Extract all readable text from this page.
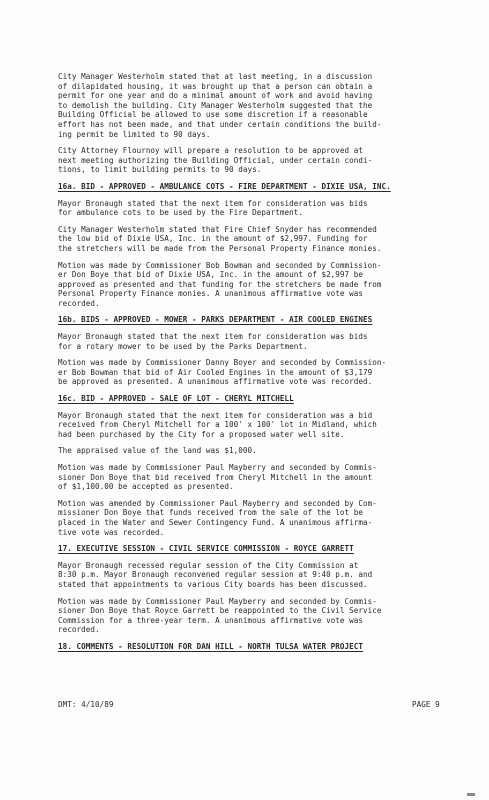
City Manager Westerholm stated that at last meeting, in a discussion
of dilapidated housing, it was brought up that a person can obtain a
permit for one year and do a minimal amount of work and avoid having
to demolish the building. City Manager Westerholm suggested that the
Building Official be allowed to use some discretion if a reasonable
effort has not been made, and that under certain conditions the build-
ing permit be limited to 90 days.

City Attorney Flournoy will prepare a resolution to be approved at
next meeting authorizing the Building Official, under certain condi-
tions, to limit building permits to 90 days.

16a. BID - APPROVED - AMBULANCE COTS - FIRE DEPARTMENT - DIXIE USA, INC.

Mayor Bronaugh stated that the next item for consideration was bids
for ambulance cots to be used by the Fire Department.

City Manager Westerholm stated that Fire Chief Snyder has recommended
the low bid of Dixie USA, Inc. in the amount of $2,997. Funding for
the stretchers will be made from the Personal Property Finance monies.

Motion was made by Commissioner Bob Bowman and seconded by Commission-
er Don Boye that bid of Dixie USA, Inc. in the amount of $2,997 be
approved as presented and that funding for the stretchers be made from
Personal Property Finance monies. A unanimous affirmative vote was
recorded.

16b. BIDS - APPROVED - MOWER - PARKS DEPARTMENT - AIR COOLED ENGINES

Mayor Bronaugh stated that the next item for consideration was bids
for a rotary mower to be used by the Parks Department.

Motion was made by Commissioner Danny Boyer and seconded by Commission-
er Bob Bowman that bid of Air Cooled Engines in the amount of $3,179
be approved as presented. A unanimous affirmative vote was recorded.

16c. BID - APPROVED - SALE OF LOT - CHERYL MITCHELL

Mayor Bronaugh stated that the next item for consideration was a bid
received from Cheryl Mitchell for a 100' x 100' lot in Midland, which
had been purchased by the City for a proposed water well site.

The appraised value of the land was $1,000.

Motion was made by Commissioner Paul Mayberry and seconded by Commis-
sioner Don Boye that bid received from Cheryl Mitchell in the amount
of $1,100.00 be accepted as presented.

Motion was amended by Commissioner Paul Mayberry and seconded by Com-
missioner Don Boye that funds received from the sale of the lot be
placed in the Water and Sewer Contingency Fund. A unanimous affirma-
tive vote was recorded.

17. EXECUTIVE SESSION - CIVIL SERVICE COMMISSION - ROYCE GARRETT

Mayor Bronaugh recessed regular session of the City Commission at
8:30 p.m. Mayor Bronaugh reconvened regular session at 9:40 p.m. and
stated that appointments to various City boards has been discussed.

Motion was made by Commissioner Paul Mayberry and seconded by Commis-
sioner Don Boye that Royce Garrett be reappointed to the Civil Service
Commission for a three-year term. A unanimous affirmative vote was
recorded.

18. COMMENTS - RESOLUTION FOR DAN HILL - NORTH TULSA WATER PROJECT

DMT: 4/10/89	PAGE 9
